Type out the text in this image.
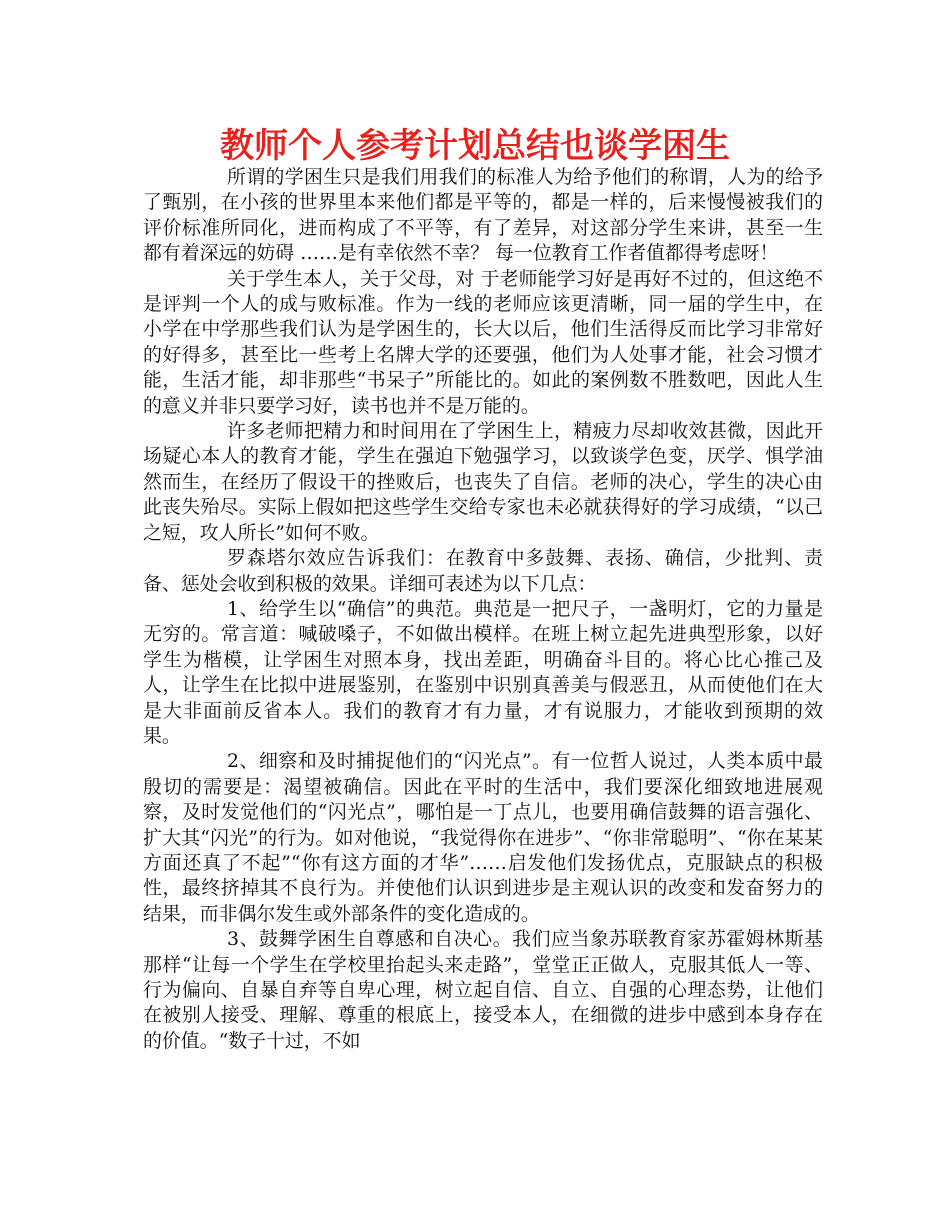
教师个人参考计划总结也谈学困生

所谓的学困生只是我们用我们的标准人为给予他们的称谓，人为的给予了甄别，在小孩的世界里本来他们都是平等的，都是一样的，后来慢慢被我们的评价标准所同化，进而构成了不平等，有了差异，对这部分学生来讲，甚至一生都有着深远的妨碍 ……是有幸依然不幸？ 每一位教育工作者值都得考虑呀！

关于学生本人，关于父母，对 于老师能学习好是再好不过的，但这绝不是评判一个人的成与败标准。作为一线的老师应该更清晰，同一届的学生中，在小学在中学那些我们认为是学困生的，长大以后，他们生活得反而比学习非常好的好得多，甚至比一些考上名牌大学的还要强，他们为人处事才能，社会习惯才能，生活才能，却非那些“书呆子”所能比的。如此的案例数不胜数吧，因此人生的意义并非只要学习好，读书也并不是万能的。

许多老师把精力和时间用在了学困生上，精疲力尽却收效甚微，因此开场疑心本人的教育才能，学生在强迫下勉强学习，以致谈学色变，厌学、惧学油然而生，在经历了假设干的挫败后，也丧失了自信。老师的决心，学生的决心由此丧失殆尽。实际上假如把这些学生交给专家也未必就获得好的学习成绩，“以己之短，攻人所长”如何不败。

罗森塔尔效应告诉我们：在教育中多鼓舞、表扬、确信，少批判、责备、惩处会收到积极的效果。详细可表述为以下几点：

1、给学生以“确信”的典范。典范是一把尺子，一盏明灯，它的力量是无穷的。常言道：喊破嗓子，不如做出模样。在班上树立起先进典型形象，以好学生为楷模，让学困生对照本身，找出差距，明确奋斗目的。将心比心推己及人，让学生在比拟中进展鉴别，在鉴别中识别真善美与假恶丑，从而使他们在大是大非面前反省本人。我们的教育才有力量，才有说服力，才能收到预期的效果。

2、细察和及时捕捉他们的“闪光点”。有一位哲人说过，人类本质中最殷切的需要是：渴望被确信。因此在平时的生活中，我们要深化细致地进展观察，及时发觉他们的“闪光点”，哪怕是一丁点儿，也要用确信鼓舞的语言强化、扩大其“闪光”的行为。如对他说，“我觉得你在进步”、“你非常聪明”、“你在某某方面还真了不起”“你有这方面的才华”……启发他们发扬优点，克服缺点的积极性，最终挤掉其不良行为。并使他们认识到进步是主观认识的改变和发奋努力的结果，而非偶尔发生或外部条件的变化造成的。

3、鼓舞学困生自尊感和自决心。我们应当象苏联教育家苏霍姆林斯基那样“让每一个学生在学校里抬起头来走路”，堂堂正正做人，克服其低人一等、行为偏向、自暴自弃等自卑心理，树立起自信、自立、自强的心理态势，让他们在被别人接受、理解、尊重的根底上，接受本人，在细微的进步中感到本身存在的价值。“数子十过，不如
